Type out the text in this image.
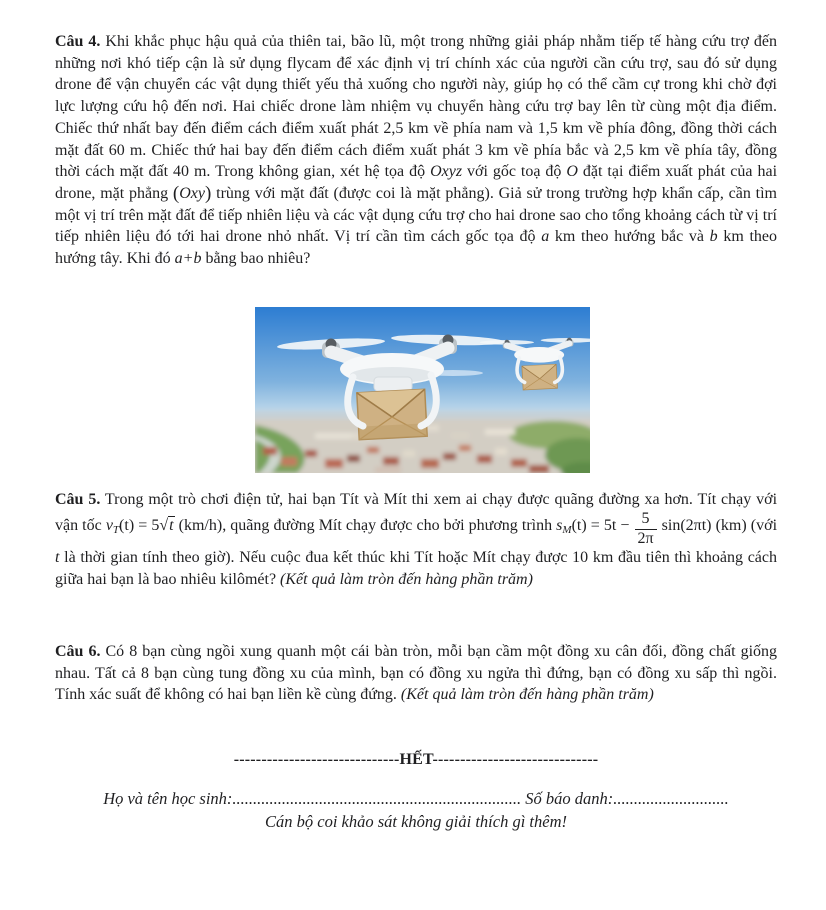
Câu 4. Khi khắc phục hậu quả của thiên tai, bão lũ, một trong những giải pháp nhằm tiếp tế hàng cứu trợ đến những nơi khó tiếp cận là sử dụng flycam để xác định vị trí chính xác của người cần cứu trợ, sau đó sử dụng drone để vận chuyển các vật dụng thiết yếu thả xuống cho người này, giúp họ có thể cầm cự trong khi chờ đợi lực lượng cứu hộ đến nơi. Hai chiếc drone làm nhiệm vụ chuyển hàng cứu trợ bay lên từ cùng một địa điểm. Chiếc thứ nhất bay đến điểm cách điểm xuất phát 2,5 km về phía nam và 1,5 km về phía đông, đồng thời cách mặt đất 60 m. Chiếc thứ hai bay đến điểm cách điểm xuất phát 3 km về phía bắc và 2,5 km về phía tây, đồng thời cách mặt đất 40 m. Trong không gian, xét hệ tọa độ Oxyz với gốc toạ độ O đặt tại điểm xuất phát của hai drone, mặt phẳng (Oxy) trùng với mặt đất (được coi là mặt phẳng). Giả sử trong trường hợp khẩn cấp, cần tìm một vị trí trên mặt đất để tiếp nhiên liệu và các vật dụng cứu trợ cho hai drone sao cho tổng khoảng cách từ vị trí tiếp nhiên liệu đó tới hai drone nhỏ nhất. Vị trí cần tìm cách gốc tọa độ a km theo hướng bắc và b km theo hướng tây. Khi đó a+b bằng bao nhiêu?

Câu 5. Trong một trò chơi điện tử, hai bạn Tít và Mít thi xem ai chạy được quãng đường xa hơn. Tít chạy với vận tốc vT(t) = 5√t (km/h), quãng đường Mít chạy được cho bởi phương trình $sM(t) = 5t - \frac{5}{2\pi} \sin(2\pi t)$ (km) (với t là thời gian tính theo giờ). Nếu cuộc đua kết thúc khi Tít hoặc Mít chạy được 10 km đầu tiên thì khoảng cách giữa hai bạn là bao nhiêu kilômét? (Kết quả làm tròn đến hàng phần trăm)

Câu 6. Có 8 bạn cùng ngồi xung quanh một cái bàn tròn, mỗi bạn cầm một đồng xu cân đối, đồng chất giống nhau. Tất cả 8 bạn cùng tung đồng xu của mình, bạn có đồng xu ngửa thì đứng, bạn có đồng xu sấp thì ngồi. Tính xác suất để không có hai bạn liền kề cùng đứng. (Kết quả làm tròn đến hàng phần trăm)

------------------------------HẾT------------------------------
Họ và tên học sinh:...................................................................... Số báo danh:............................
Cán bộ coi khảo sát không giải thích gì thêm!
